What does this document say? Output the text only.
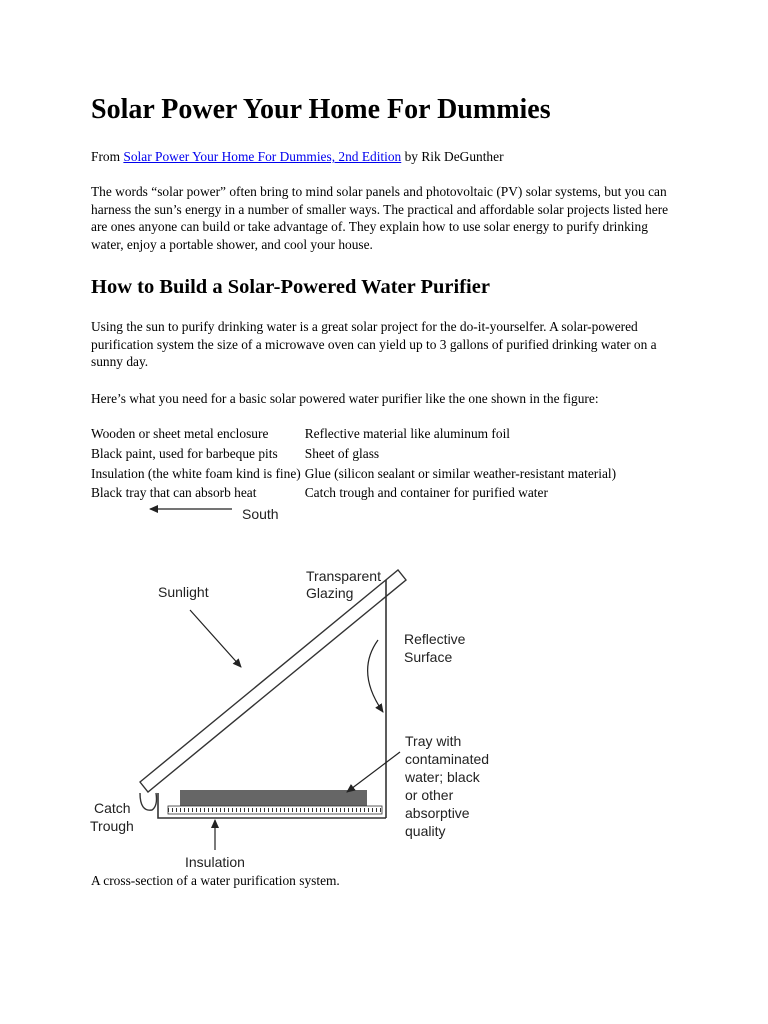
Solar Power Your Home For Dummies

From Solar Power Your Home For Dummies, 2nd Edition by Rik DeGunther

The words “solar power” often bring to mind solar panels and photovoltaic (PV) solar systems, but you can harness the sun’s energy in a number of smaller ways. The practical and affordable solar projects listed here are ones anyone can build or take advantage of. They explain how to use solar energy to purify drinking water, enjoy a portable shower, and cool your house.

How to Build a Solar-Powered Water Purifier

Using the sun to purify drinking water is a great solar project for the do-it-yourselfer. A solar-powered purification system the size of a microwave oven can yield up to 3 gallons of purified drinking water on a sunny day.

Here’s what you need for a basic solar powered water purifier like the one shown in the figure:

Wooden or sheet metal enclosure	Reflective material like aluminum foil
Black paint, used for barbeque pits	Sheet of glass
Insulation (the white foam kind is fine)	Glue (silicon sealant or similar weather-resistant material)
Black tray that can absorb heat	Catch trough and container for purified water
South
Sunlight
Transparent
Glazing
Reflective
Surface
Tray with
contaminated
water; black
or other
absorptive
quality
Catch
Trough
Insulation

A cross-section of a water purification system.
